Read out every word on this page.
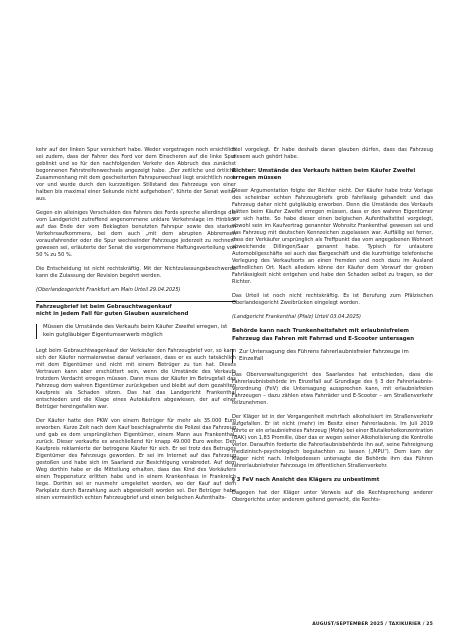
kehr auf der linken Spur versichert habe. Weder vorgetragen noch ersichtlich sei zudem, dass der Fahrer des Ford vor dem Einscheren auf die linke Spur geblinkt und so für den nachfolgenden Verkehr den Abbruch des zunächst begonnenen Fahrstreifenwechsels angezeigt habe. „Der zeitliche und örtliche Zusammenhang mit dem gescheiterten Fahrspurwechsel liegt ersichtlich noch vor und wurde durch den kurzzeitigen Stillstand des Fahrzeugs von einer halben bis maximal einer Sekunde nicht aufgehoben“, führte der Senat weiter aus.

Gegen ein alleiniges Verschulden des Fahrers des Fords spreche allerdings die vom Landgericht zutreffend angenommene unklare Verkehrslage im Hinblick auf das Ende der vom Beklagten benutzten Fahrspur sowie des starken Verkehrsaufkommens, bei dem auch „mit dem abrupten Abbremsen vorausfahrender oder die Spur wechselnder Fahrzeuge jederzeit zu rechnen“ gewesen sei, erläuterte der Senat die vorgenommene Haftungsverteilung von 50 % zu 50 %.

Die Entscheidung ist nicht rechtskräftig. Mit der Nichtzulassungsbeschwerde kann die Zulassung der Revision begehrt werden.

(Oberlandesgericht Frankfurt am Main Urteil 29.04.2025)

Fahrzeugbrief ist beim Gebrauchtwagenkauf
nicht in jedem Fall für guten Glauben ausreichend
Müssen die Umstände des Verkaufs beim Käufer Zweifel erregen, ist kein gutgläubiger Eigentumserwerb möglich

Legt beim Gebrauchtwagenkauf der Verkäufer den Fahrzeugbrief vor, so kann sich der Käufer normalerweise darauf verlassen, dass er es auch tatsächlich mit dem Eigentümer und nicht mit einem Betrüger zu tun hat. Dieses Vertrauen kann aber erschüttert sein, wenn die Umstände des Verkaufs trotzdem Verdacht erregen müssen. Dann muss der Käufer im Betrugsfall das Fahrzeug dem wahren Eigentümer zurückgeben und bleibt auf dem gezahlten Kaufpreis als Schaden sitzen. Das hat das Landgericht Frankenthal entschieden und die Klage eines Autokäufers abgewiesen, der auf einer Betrüger hereingefallen war.

Der Käufer hatte den PKW von einem Betrüger für mehr als 35.000 Euro erworben. Kurze Zeit nach dem Kauf beschlagnahmte die Polizei das Fahrzeug und gab es dem ursprünglichen Eigentümer, einem Mann aus Frankenthal, zurück. Dieser verkaufte es anschließend für knapp 49.000 Euro weiter. Den Kaufpreis reklamierte der betrogene Käufer für sich. Er sei trotz des Betruges Eigentümer des Fahrzeugs geworden. Er sei im Internet auf das Fahrzeug gestoßen und habe sich im Saarland zur Besichtigung verabredet. Auf dem Weg dorthin habe er die Mitteilung erhalten, dass das Kind des Verkäufers einen Treppensturz erlitten habe und in einem Krankenhaus in Frankreich liege. Dorthin sei er nunmehr umgeleitet worden, wo der Kauf auf dem Parkplatz durch Barzahlung auch abgewickelt worden sei. Der Betrüger habe einen vermeintlich echten Fahrzeugbrief und einen belgischen Aufenthalts-

titel vorgelegt. Er habe deshalb daran glauben dürfen, dass das Fahrzeug diesem auch gehört habe.

Richter: Umstände des Verkaufs hätten beim Käufer Zweifel
erregen müssen

Dieser Argumentation folgte der Richter nicht. Der Käufer habe trotz Vorlage des scheinbar echten Fahrzeugbriefs grob fahrlässig gehandelt und das Fahrzeug daher nicht gutgläubig erworben. Denn die Umstände des Verkaufs hätten beim Käufer Zweifel erregen müssen, dass er den wahren Eigentümer vor sich hatte. So habe dieser einen belgischen Aufenthaltstitel vorgelegt, obwohl sein im Kaufvertrag genannter Wohnsitz Frankenthal gewesen sei und das Fahrzeug mit deutschen Kennzeichen zugelassen war. Auffällig sei ferner, dass der Verkäufer ursprünglich als Treffpunkt das vom angegebenen Wohnort abweichende Dillingen/Saar genannt habe. Typisch für unlautere Automobilgeschäfte sei auch das Bargeschäft und die kurzfristige telefonische Verlegung des Verkaufsorts an einen fremden und noch dazu im Ausland befindlichen Ort. Nach alledem könne der Käufer dem Vorwurf der groben Fahrlässigkeit nicht entgehen und habe den Schaden selbst zu tragen, so der Richter.

Das Urteil ist noch nicht rechtskräftig. Es ist Berufung zum Pfälzischen Oberlandesgericht Zweibrücken eingelegt worden.

(Landgericht Frankenthal (Pfalz) Urteil 03.04.2025)

Behörde kann nach Trunkenheitsfahrt mit erlaubnisfreiem
Fahrzeug das Fahren mit Fahrrad und E-Scooter untersagen
Zur Untersagung des Führens fahrerlaubnisfreier Fahrzeuge im Einzelfall

Das Oberverwaltungsgericht des Saarlandes hat entschieden, dass die Fahrerlaubnisbehörde im Einzelfall auf Grundlage des § 3 der Fahrerlaubnis-Verordnung (FeV) die Untersagung aussprechen kann, mit erlaubnisfreien Fahrzeugen – dazu zählen etwa Fahrräder und E-Scooter – am Straßenverkehr teilzunehmen.

Der Kläger ist in der Vergangenheit mehrfach alkoholisiert im Straßenverkehr aufgefallen. Er ist nicht (mehr) im Besitz einer Fahrerlaubnis. Im Juli 2019 führte er ein erlaubnisfreies Fahrzeug (Mofa) bei einer Blutalkoholkonzentration (BAK) von 1,83 Promille, über das er wegen seiner Alkoholisierung die Kontrolle verlor. Daraufhin forderte die Fahrerlaubnisbehörde ihn auf, seine Fahreignung medizinisch-psychologisch begutachten zu lassen („MPU“). Dem kam der Kläger nicht nach. Infolgedessen untersagte die Behörde ihm das Führen fahrerlaubnisfreier Fahrzeuge im öffentlichen Straßenverkehr.

§ 3 FeV nach Ansicht des Klägers zu unbestimmt

Dagegen hat der Kläger unter Verweis auf die Rechtsprechung anderer Obergerichte unter anderem geltend gemacht, die Rechts-

AUGUST/SEPTEMBER 2025 / TAXIKURIER / 25
